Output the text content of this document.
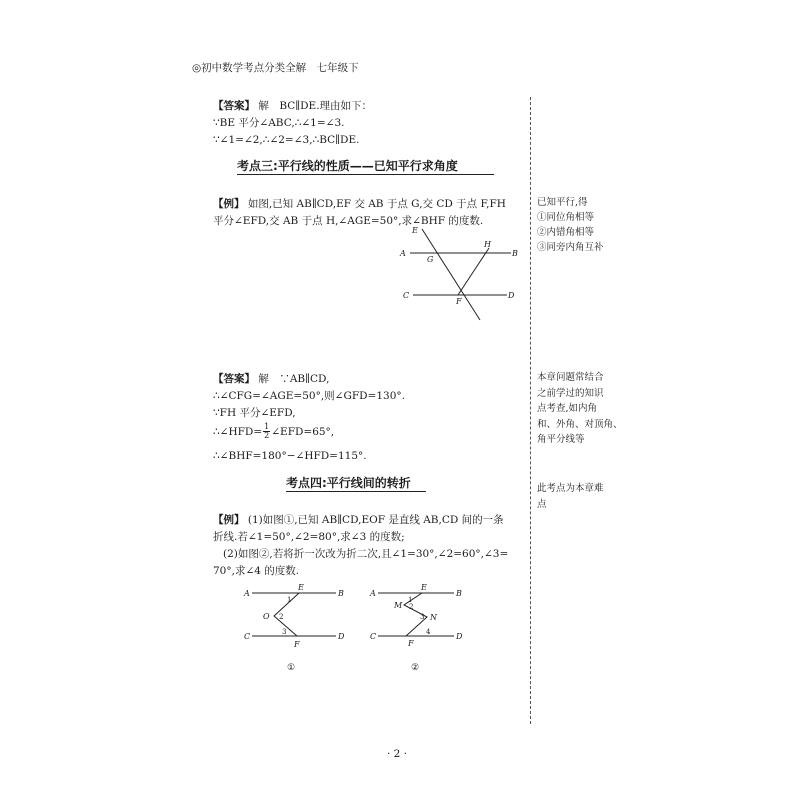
◎初中数学考点分类全解　七年级下
【答案】 解　BC∥DE.理由如下：
∵BE 平分∠ABC,∴∠1=∠3.
∵∠1=∠2,∴∠2=∠3,∴BC∥DE.
考点三:平行线的性质——已知平行求角度
【例】 如图,已知 AB∥CD,EF 交 AB 于点 G,交 CD 于点 F,FH
平分∠EFD,交 AB 于点 H,∠AGE=50°,求∠BHF 的度数.
E
A
G
H
B
C
F
D
已知平行,得
①同位角相等
②内错角相等
③同旁内角互补
本章问题常结合
之前学过的知识
点考查,如内角
和、外角、对顶角、
角平分线等
此考点为本章难
点
【答案】 解　∵AB∥CD,
∴∠CFG=∠AGE=50°,则∠GFD=130°.
∵FH 平分∠EFD,
∴∠HFD= $\frac{1}{2}$ ∠EFD=65°,
∴∠BHF=180°−∠HFD=115°.
考点四:平行线间的转折
【例】 (1)如图①,已知 AB∥CD,EOF 是直线 AB,CD 间的一条
折线.若∠1=50°,∠2=80°,求∠3 的度数;
(2)如图②,若将折一次改为折二次,且∠1=30°,∠2=60°,∠3=
70°,求∠4 的度数.
A
E
B
1
O 2
C	3	D
F
①
A
E
B
1
M 2
3 N
C	4	D
F
②
· 2 ·
